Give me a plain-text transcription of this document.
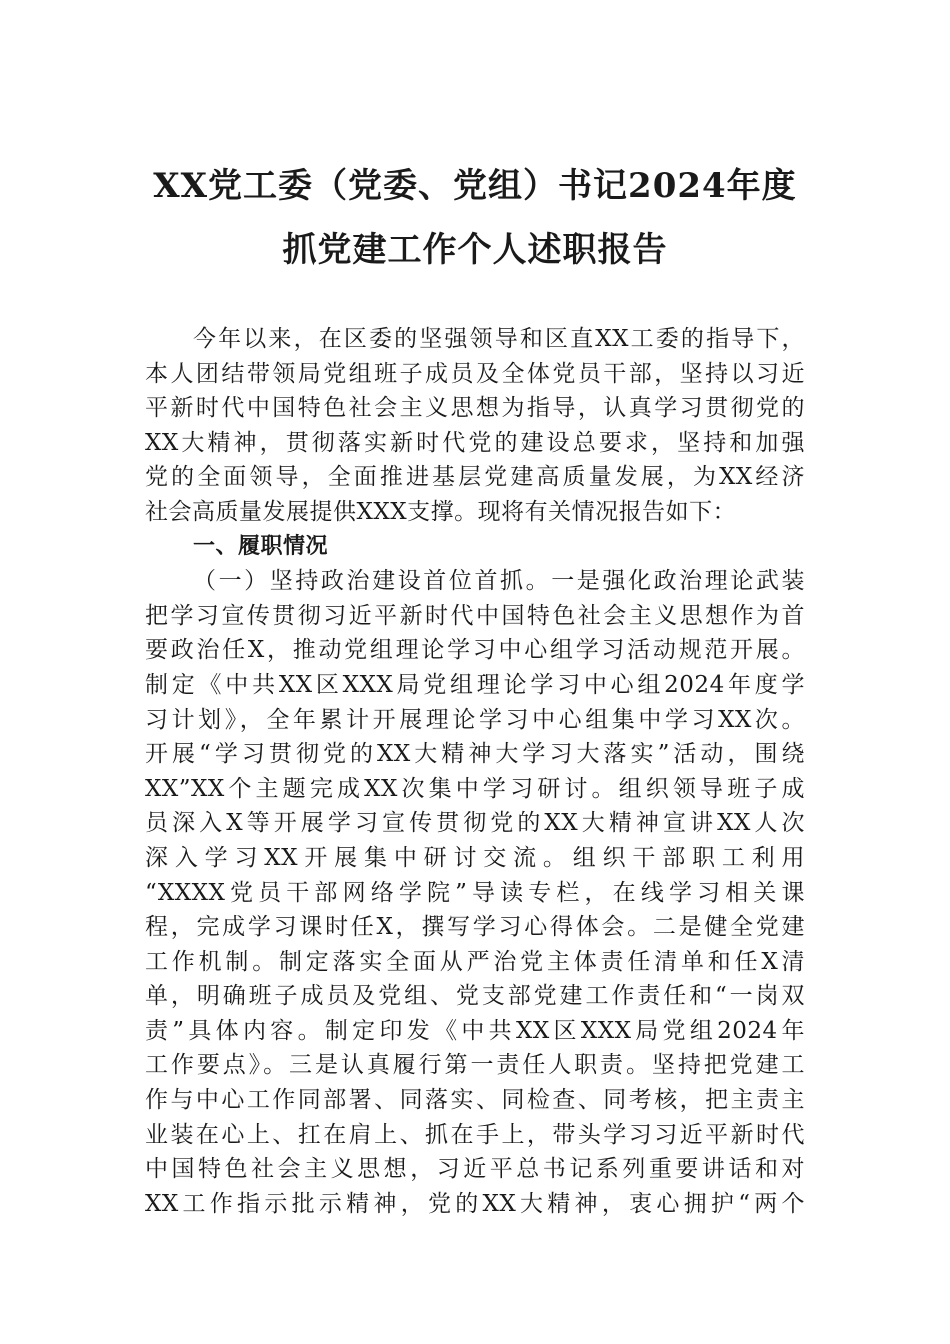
XX党工委（党委、党组）书记2024年度
抓党建工作个人述职报告
今年以来，在区委的坚强领导和区直XX工委的指导下，
本人团结带领局党组班子成员及全体党员干部，坚持以习近
平新时代中国特色社会主义思想为指导，认真学习贯彻党的
XX大精神，贯彻落实新时代党的建设总要求，坚持和加强
党的全面领导，全面推进基层党建高质量发展，为XX经济
社会高质量发展提供XXX支撑。现将有关情况报告如下：
一、履职情况
（一）坚持政治建设首位首抓。一是强化政治理论武装
把学习宣传贯彻习近平新时代中国特色社会主义思想作为首
要政治任X，推动党组理论学习中心组学习活动规范开展。
制定《中共XX区XXX局党组理论学习中心组2024年度学
习计划》，全年累计开展理论学习中心组集中学习XX次。
开展“学习贯彻党的XX大精神大学习大落实”活动，围绕
XX”XX个主题完成XX次集中学习研讨。组织领导班子成
员深入X等开展学习宣传贯彻党的XX大精神宣讲XX人次
深入学习XX开展集中研讨交流。组织干部职工利用
“XXXX党员干部网络学院”导读专栏，在线学习相关课
程，完成学习课时任X，撰写学习心得体会。二是健全党建
工作机制。制定落实全面从严治党主体责任清单和任X清
单，明确班子成员及党组、党支部党建工作责任和“一岗双
责”具体内容。制定印发《中共XX区XXX局党组2024年
工作要点》。三是认真履行第一责任人职责。坚持把党建工
作与中心工作同部署、同落实、同检查、同考核，把主责主
业装在心上、扛在肩上、抓在手上，带头学习习近平新时代
中国特色社会主义思想，习近平总书记系列重要讲话和对
XX工作指示批示精神，党的XX大精神，衷心拥护“两个
